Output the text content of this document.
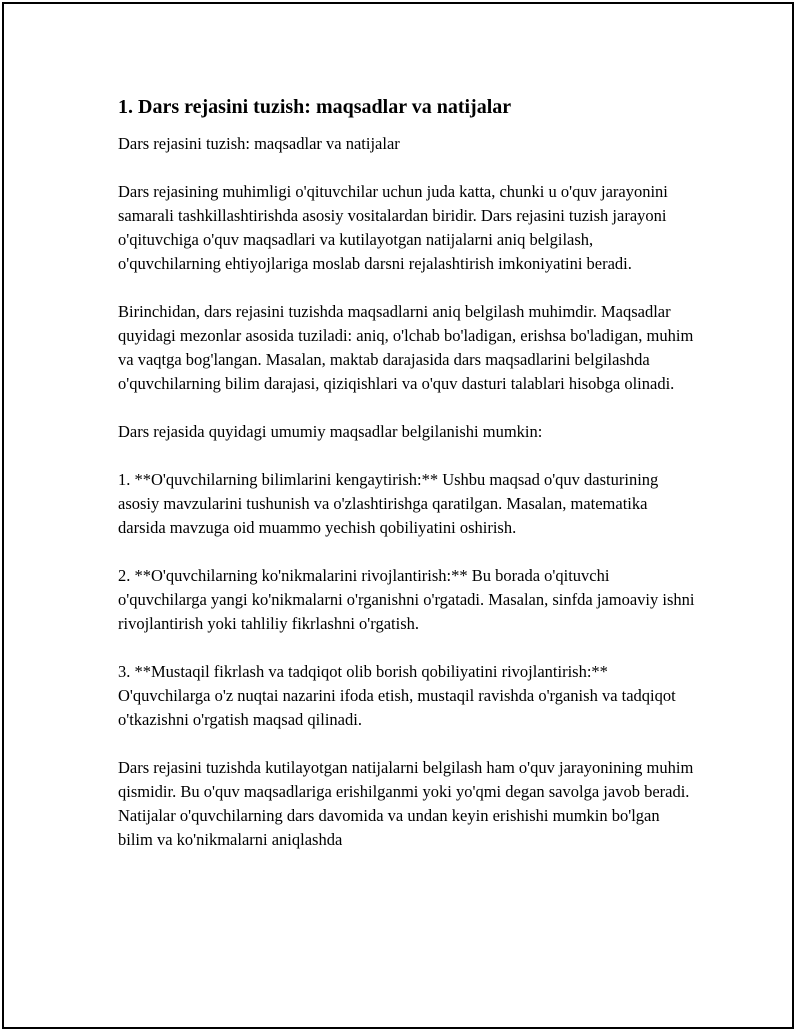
1. Dars rejasini tuzish: maqsadlar va natijalar

Dars rejasini tuzish: maqsadlar va natijalar

Dars rejasining muhimligi o'qituvchilar uchun juda katta, chunki u o'quv jarayonini samarali tashkillashtirishda asosiy vositalardan biridir. Dars rejasini tuzish jarayoni o'qituvchiga o'quv maqsadlari va kutilayotgan natijalarni aniq belgilash, o'quvchilarning ehtiyojlariga moslab darsni rejalashtirish imkoniyatini beradi.

Birinchidan, dars rejasini tuzishda maqsadlarni aniq belgilash muhimdir. Maqsadlar quyidagi mezonlar asosida tuziladi: aniq, o'lchab bo'ladigan, erishsa bo'ladigan, muhim va vaqtga bog'langan. Masalan, maktab darajasida dars maqsadlarini belgilashda o'quvchilarning bilim darajasi, qiziqishlari va o'quv dasturi talablari hisobga olinadi.

Dars rejasida quyidagi umumiy maqsadlar belgilanishi mumkin:

1. **O'quvchilarning bilimlarini kengaytirish:** Ushbu maqsad o'quv dasturining asosiy mavzularini tushunish va o'zlashtirishga qaratilgan. Masalan, matematika darsida mavzuga oid muammo yechish qobiliyatini oshirish.

2. **O'quvchilarning ko'nikmalarini rivojlantirish:** Bu borada o'qituvchi o'quvchilarga yangi ko'nikmalarni o'rganishni o'rgatadi. Masalan, sinfda jamoaviy ishni rivojlantirish yoki tahliliy fikrlashni o'rgatish.

3. **Mustaqil fikrlash va tadqiqot olib borish qobiliyatini rivojlantirish:** O'quvchilarga o'z nuqtai nazarini ifoda etish, mustaqil ravishda o'rganish va tadqiqot o'tkazishni o'rgatish maqsad qilinadi.

Dars rejasini tuzishda kutilayotgan natijalarni belgilash ham o'quv jarayonining muhim qismidir. Bu o'quv maqsadlariga erishilganmi yoki yo'qmi degan savolga javob beradi. Natijalar o'quvchilarning dars davomida va undan keyin erishishi mumkin bo'lgan bilim va ko'nikmalarni aniqlashda
